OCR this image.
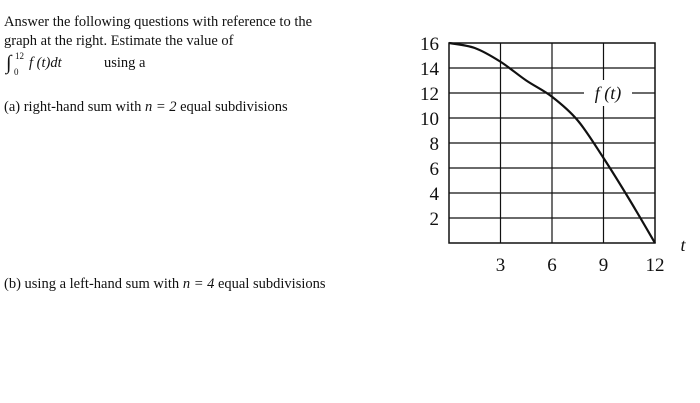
Answer the following questions with reference to the graph at the right. Estimate the value of
∫ 12
0
f (t)dt	using a
(a) right-hand sum with n = 2 equal subdivisions
(b) using a left-hand sum with n = 4 equal subdivisions
2
4
6
8
10
12
14
16
3 6 9 12
t
f (t)
